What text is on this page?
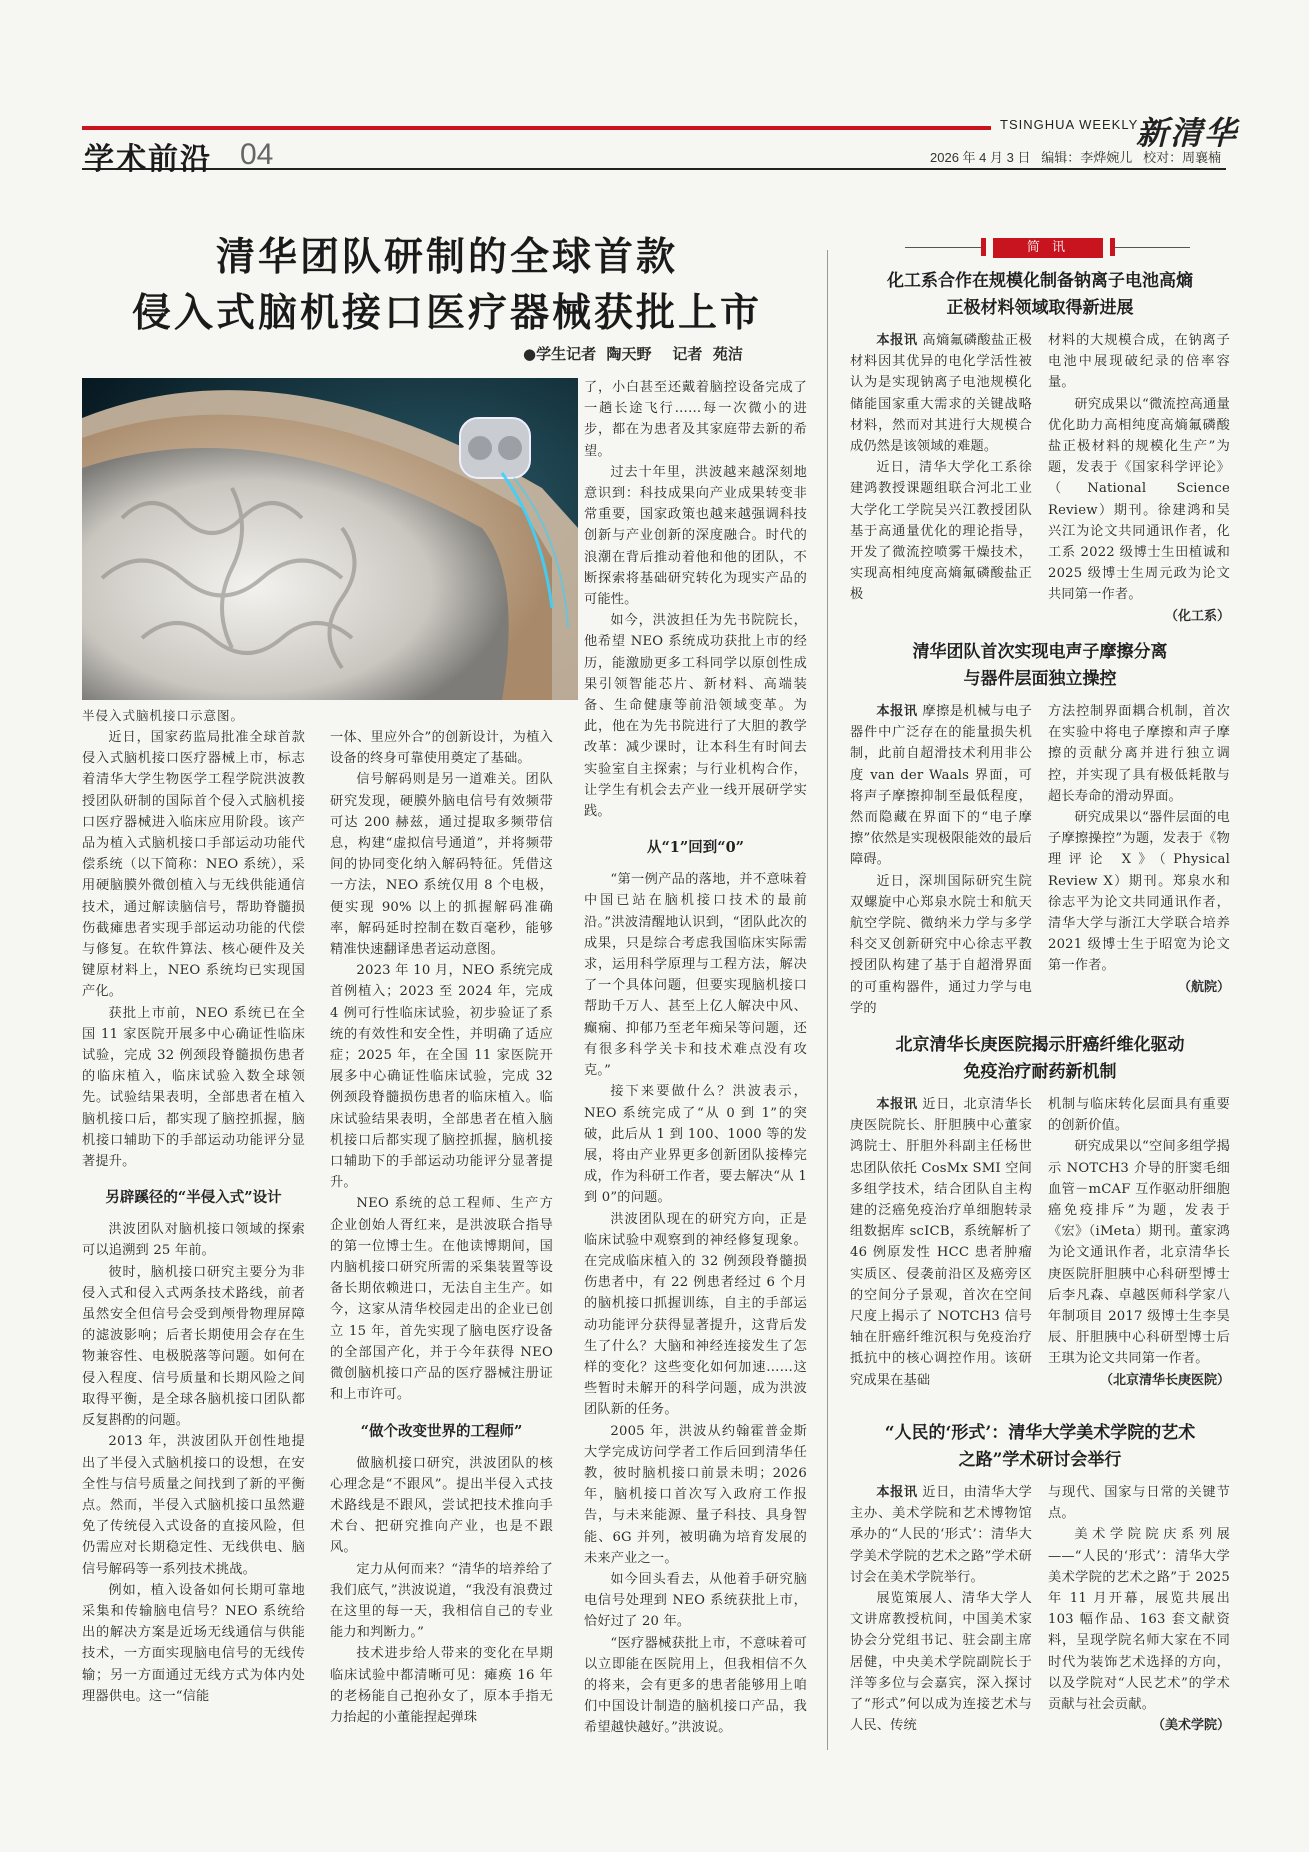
学术前沿 04
TSINGHUA WEEKLY
新清华
2026 年 4 月 3 日   编辑：李烨婉儿   校对：周襄楠
清华团队研制的全球首款
侵入式脑机接口医疗器械获批上市
●学生记者  陶天野    记者  苑洁
半侵入式脑机接口示意图。

近日，国家药监局批准全球首款侵入式脑机接口医疗器械上市，标志着清华大学生物医学工程学院洪波教授团队研制的国际首个侵入式脑机接口医疗器械进入临床应用阶段。该产品为植入式脑机接口手部运动功能代偿系统（以下简称：NEO 系统），采用硬脑膜外微创植入与无线供能通信技术，通过解读脑信号，帮助脊髓损伤截瘫患者实现手部运动功能的代偿与修复。在软件算法、核心硬件及关键原材料上，NEO 系统均已实现国产化。

获批上市前，NEO 系统已在全国 11 家医院开展多中心确证性临床试验，完成 32 例颈段脊髓损伤患者的临床植入，临床试验入数全球领先。试验结果表明，全部患者在植入脑机接口后，都实现了脑控抓握，脑机接口辅助下的手部运动功能评分显著提升。

另辟蹊径的“半侵入式”设计

洪波团队对脑机接口领域的探索可以追溯到 25 年前。

彼时，脑机接口研究主要分为非侵入式和侵入式两条技术路线，前者虽然安全但信号会受到颅骨物理屏障的滤波影响；后者长期使用会存在生物兼容性、电极脱落等问题。如何在侵入程度、信号质量和长期风险之间取得平衡，是全球各脑机接口团队都反复斟酌的问题。

2013 年，洪波团队开创性地提出了半侵入式脑机接口的设想，在安全性与信号质量之间找到了新的平衡点。然而，半侵入式脑机接口虽然避免了传统侵入式设备的直接风险，但仍需应对长期稳定性、无线供电、脑信号解码等一系列技术挑战。

例如，植入设备如何长期可靠地采集和传输脑电信号？NEO 系统给出的解决方案是近场无线通信与供能技术，一方面实现脑电信号的无线传输；另一方面通过无线方式为体内处理器供电。这一“信能

一体、里应外合”的创新设计，为植入设备的终身可靠使用奠定了基础。

信号解码则是另一道难关。团队研究发现，硬膜外脑电信号有效频带可达 200 赫兹，通过提取多频带信息，构建“虚拟信号通道”，并将频带间的协同变化纳入解码特征。凭借这一方法，NEO 系统仅用 8 个电极，便实现 90% 以上的抓握解码准确率，解码延时控制在数百毫秒，能够精准快速翻译患者运动意图。

2023 年 10 月，NEO 系统完成首例植入；2023 至 2024 年，完成 4 例可行性临床试验，初步验证了系统的有效性和安全性，并明确了适应症；2025 年，在全国 11 家医院开展多中心确证性临床试验，完成 32 例颈段脊髓损伤患者的临床植入。临床试验结果表明，全部患者在植入脑机接口后都实现了脑控抓握，脑机接口辅助下的手部运动功能评分显著提升。

NEO 系统的总工程师、生产方企业创始人胥红来，是洪波联合指导的第一位博士生。在他读博期间，国内脑机接口研究所需的采集装置等设备长期依赖进口，无法自主生产。如今，这家从清华校园走出的企业已创立 15 年，首先实现了脑电医疗设备的全部国产化，并于今年获得 NEO 微创脑机接口产品的医疗器械注册证和上市许可。

“做个改变世界的工程师”

做脑机接口研究，洪波团队的核心理念是“不跟风”。提出半侵入式技术路线是不跟风，尝试把技术推向手术台、把研究推向产业，也是不跟风。

定力从何而来？“清华的培养给了我们底气，”洪波说道，“我没有浪费过在这里的每一天，我相信自己的专业能力和判断力。”

技术进步给人带来的变化在早期临床试验中都清晰可见：瘫痪 16 年的老杨能自己抱孙女了，原本手指无力抬起的小董能捏起弹珠

了，小白甚至还戴着脑控设备完成了一趟长途飞行……每一次微小的进步，都在为患者及其家庭带去新的希望。

过去十年里，洪波越来越深刻地意识到：科技成果向产业成果转变非常重要，国家政策也越来越强调科技创新与产业创新的深度融合。时代的浪潮在背后推动着他和他的团队，不断探索将基础研究转化为现实产品的可能性。

如今，洪波担任为先书院院长，他希望 NEO 系统成功获批上市的经历，能激励更多工科同学以原创性成果引领智能芯片、新材料、高端装备、生命健康等前沿领域变革。为此，他在为先书院进行了大胆的教学改革：减少课时，让本科生有时间去实验室自主探索；与行业机构合作，让学生有机会去产业一线开展研学实践。

从“1”回到“0”

“第一例产品的落地，并不意味着中国已站在脑机接口技术的最前沿。”洪波清醒地认识到，“团队此次的成果，只是综合考虑我国临床实际需求，运用科学原理与工程方法，解决了一个具体问题，但要实现脑机接口帮助千万人、甚至上亿人解决中风、癫痫、抑郁乃至老年痴呆等问题，还有很多科学关卡和技术难点没有攻克。”

接下来要做什么？洪波表示，NEO 系统完成了“从 0 到 1”的突破，此后从 1 到 100、1000 等的发展，将由产业界更多创新团队接棒完成，作为科研工作者，要去解决“从 1 到 0”的问题。

洪波团队现在的研究方向，正是临床试验中观察到的神经修复现象。在完成临床植入的 32 例颈段脊髓损伤患者中，有 22 例患者经过 6 个月的脑机接口抓握训练，自主的手部运动功能评分获得显著提升，这背后发生了什么？大脑和神经连接发生了怎样的变化？这些变化如何加速……这些暂时未解开的科学问题，成为洪波团队新的任务。

2005 年，洪波从约翰霍普金斯大学完成访问学者工作后回到清华任教，彼时脑机接口前景未明；2026 年，脑机接口首次写入政府工作报告，与未来能源、量子科技、具身智能、6G 并列，被明确为培育发展的未来产业之一。

如今回头看去，从他着手研究脑电信号处理到 NEO 系统获批上市，恰好过了 20 年。

“医疗器械获批上市，不意味着可以立即能在医院用上，但我相信不久的将来，会有更多的患者能够用上咱们中国设计制造的脑机接口产品，我希望越快越好。”洪波说。

简 讯
化工系合作在规模化制备钠离子电池高熵
正极材料领域取得新进展

本报讯 高熵氟磷酸盐正极材料因其优异的电化学活性被认为是实现钠离子电池规模化储能国家重大需求的关键战略材料，然而对其进行大规模合成仍然是该领域的难题。

近日，清华大学化工系徐建鸿教授课题组联合河北工业大学化工学院吴兴江教授团队基于高通量优化的理论指导，开发了微流控喷雾干燥技术，实现高相纯度高熵氟磷酸盐正极

材料的大规模合成，在钠离子电池中展现破纪录的倍率容量。

研究成果以“微流控高通量优化助力高相纯度高熵氟磷酸盐正极材料的规模化生产”为题，发表于《国家科学评论》（National Science Review）期刊。徐建鸿和吴兴江为论文共同通讯作者，化工系 2022 级博士生田植诚和 2025 级博士生周元政为论文共同第一作者。

（化工系）

清华团队首次实现电声子摩擦分离
与器件层面独立操控

本报讯 摩擦是机械与电子器件中广泛存在的能量损失机制，此前自超滑技术利用非公度 van der Waals 界面，可将声子摩擦抑制至最低程度，然而隐藏在界面下的“电子摩擦”依然是实现极限能效的最后障碍。

近日，深圳国际研究生院双螺旋中心郑泉水院士和航天航空学院、微纳米力学与多学科交叉创新研究中心徐志平教授团队构建了基于自超滑界面的可重构器件，通过力学与电学的

方法控制界面耦合机制，首次在实验中将电子摩擦和声子摩擦的贡献分离并进行独立调控，并实现了具有极低耗散与超长寿命的滑动界面。

研究成果以“器件层面的电子摩擦操控”为题，发表于《物理评论 X》（Physical Review X）期刊。郑泉水和徐志平为论文共同通讯作者，清华大学与浙江大学联合培养 2021 级博士生于昭宽为论文第一作者。

（航院）

北京清华长庚医院揭示肝癌纤维化驱动
免疫治疗耐药新机制

本报讯 近日，北京清华长庚医院院长、肝胆胰中心董家鸿院士、肝胆外科副主任杨世忠团队依托 CosMx SMI 空间多组学技术，结合团队自主构建的泛癌免疫治疗单细胞转录组数据库 scICB，系统解析了 46 例原发性 HCC 患者肿瘤实质区、侵袭前沿区及癌旁区的空间分子景观，首次在空间尺度上揭示了 NOTCH3 信号轴在肝癌纤维沉积与免疫治疗抵抗中的核心调控作用。该研究成果在基础

机制与临床转化层面具有重要的创新价值。

研究成果以“空间多组学揭示 NOTCH3 介导的肝窦毛细血管－mCAF 互作驱动肝细胞癌免疫排斥”为题，发表于《宏》（iMeta）期刊。董家鸿为论文通讯作者，北京清华长庚医院肝胆胰中心科研型博士后李凡森、卓越医师科学家八年制项目 2017 级博士生李昊辰、肝胆胰中心科研型博士后王琪为论文共同第一作者。

（北京清华长庚医院）

“人民的‘形式’：清华大学美术学院的艺术
之路”学术研讨会举行

本报讯 近日，由清华大学主办、美术学院和艺术博物馆承办的“人民的‘形式’：清华大学美术学院的艺术之路”学术研讨会在美术学院举行。

展览策展人、清华大学人文讲席教授杭间，中国美术家协会分党组书记、驻会副主席居健，中央美术学院副院长于洋等多位与会嘉宾，深入探讨了“形式”何以成为连接艺术与人民、传统

与现代、国家与日常的关键节点。

美术学院院庆系列展——“人民的‘形式’：清华大学美术学院的艺术之路”于 2025 年 11 月开幕，展览共展出 103 幅作品、163 套文献资料，呈现学院名师大家在不同时代为装饰艺术选择的方向，以及学院对“人民艺术”的学术贡献与社会贡献。

（美术学院）
